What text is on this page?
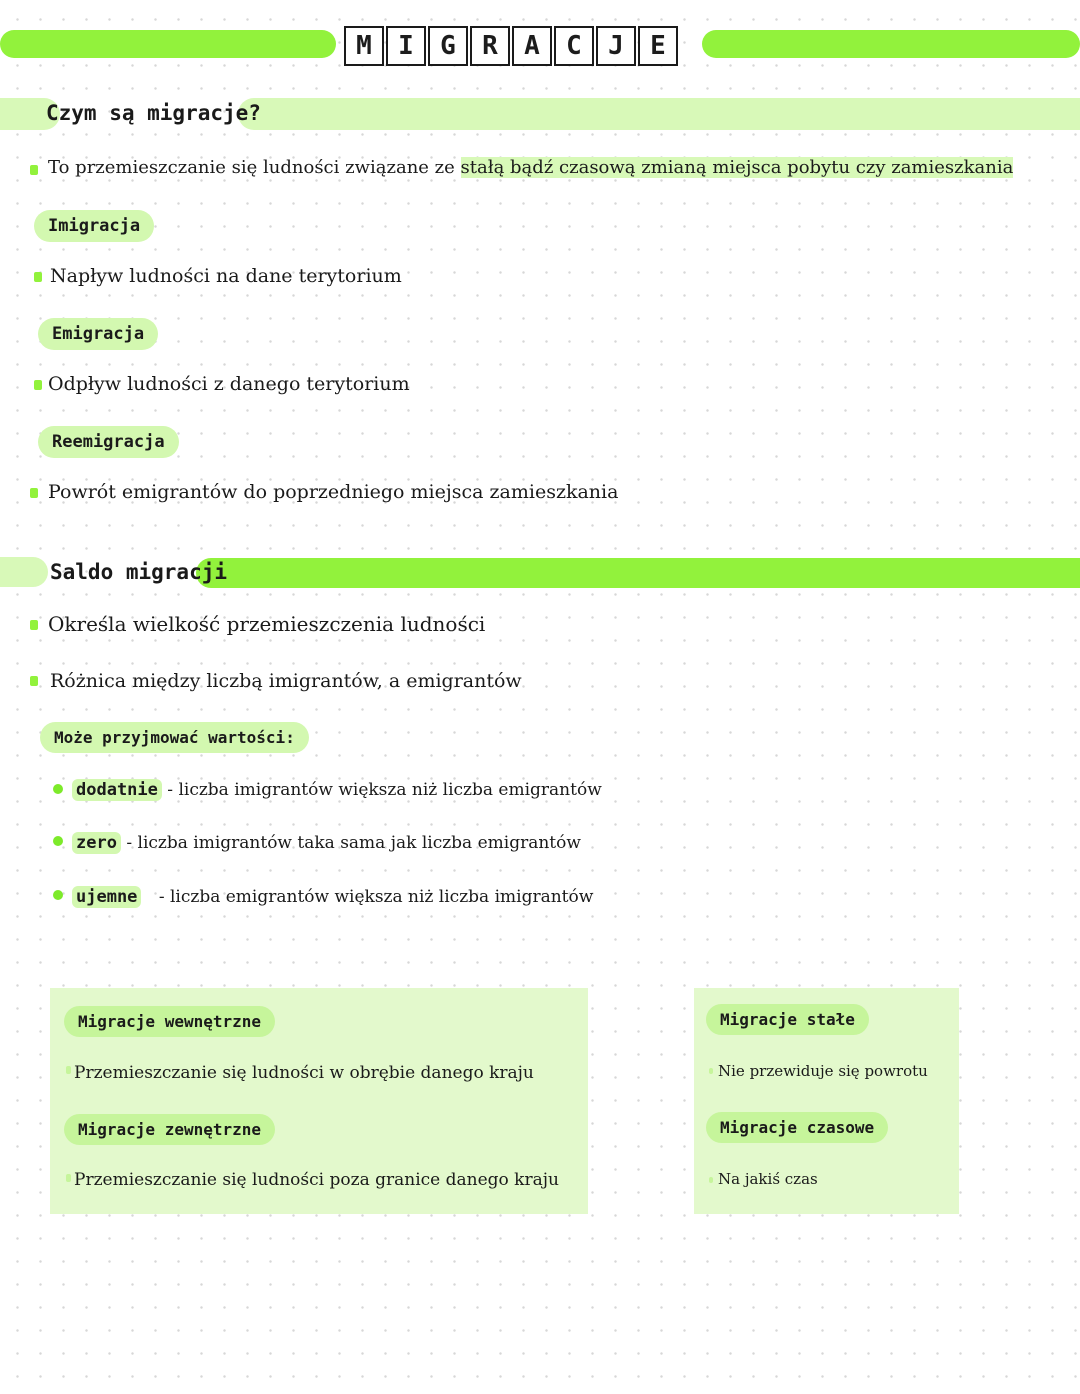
M	I	G	R	A	C	J	E
Czym są migracje?
To przemieszczanie się ludności związane ze stałą bądź czasową zmianą miejsca pobytu czy zamieszkania
Imigracja
Napływ ludności na dane terytorium
Emigracja
Odpływ ludności z danego terytorium
Reemigracja
Powrót emigrantów do poprzedniego miejsca zamieszkania
Saldo migracji
Określa wielkość przemieszczenia ludności
Różnica między liczbą imigrantów, a emigrantów
Może przyjmować wartości:
dodatnie - liczba imigrantów większa niż liczba emigrantów
zero - liczba imigrantów taka sama jak liczba emigrantów
ujemne - liczba emigrantów większa niż liczba imigrantów
Migracje wewnętrzne
Przemieszczanie się ludności w obrębie danego kraju
Migracje zewnętrzne
Przemieszczanie się ludności poza granice danego kraju
Migracje stałe
Nie przewiduje się powrotu
Migracje czasowe
Na jakiś czas
